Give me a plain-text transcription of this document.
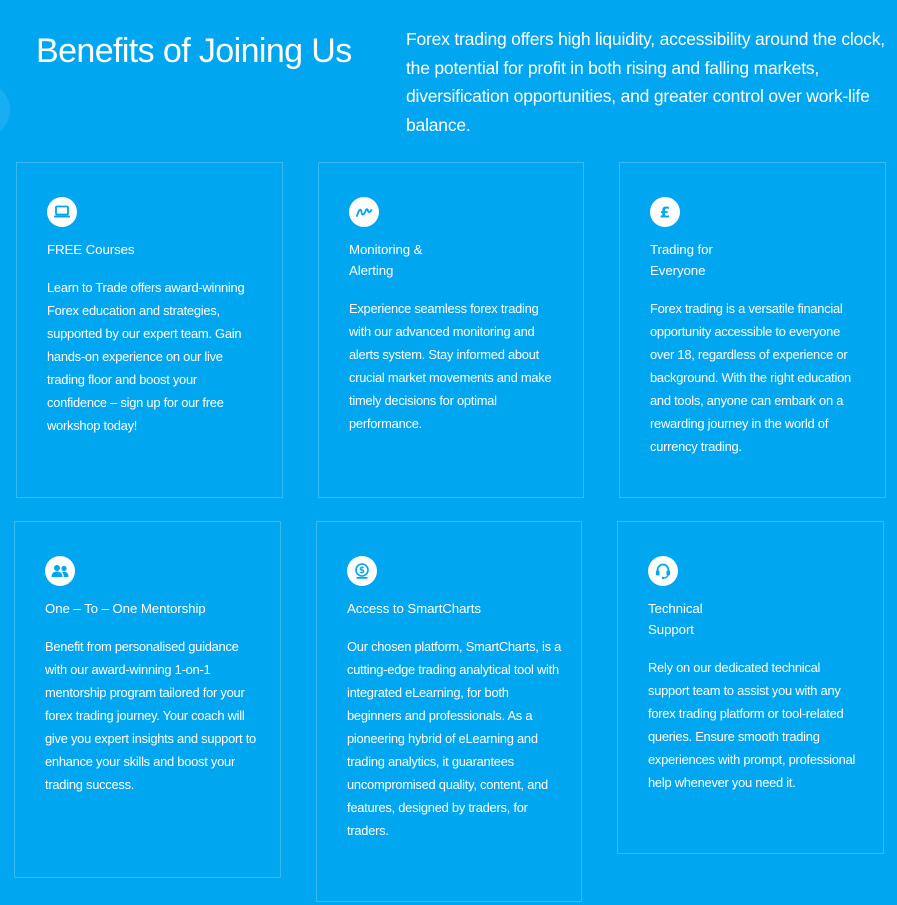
Benefits of Joining Us	Forex trading offers high liquidity, accessibility around the clock, the potential for profit in both rising and falling markets, diversification opportunities, and greater control over work-life balance.

FREE Courses
Learn to Trade offers award-winning Forex education and strategies, supported by our expert team. Gain hands-on experience on our live trading floor and boost your confidence – sign up for our free workshop today!
Monitoring & Alerting
Experience seamless forex trading with our advanced monitoring and alerts system. Stay informed about crucial market movements and make timely decisions for optimal performance.
£
Trading for Everyone
Forex trading is a versatile financial opportunity accessible to everyone over 18, regardless of experience or background. With the right education and tools, anyone can embark on a rewarding journey in the world of currency trading.
One – To – One Mentorship
Benefit from personalised guidance with our award-winning 1-on-1 mentorship program tailored for your forex trading journey. Your coach will give you expert insights and support to enhance your skills and boost your trading success.
$
Access to SmartCharts
Our chosen platform, SmartCharts, is a cutting-edge trading analytical tool with integrated eLearning, for both beginners and professionals. As a pioneering hybrid of eLearning and trading analytics, it guarantees uncompromised quality, content, and features, designed by traders, for traders.
Technical Support
Rely on our dedicated technical support team to assist you with any forex trading platform or tool-related queries. Ensure smooth trading experiences with prompt, professional help whenever you need it.
